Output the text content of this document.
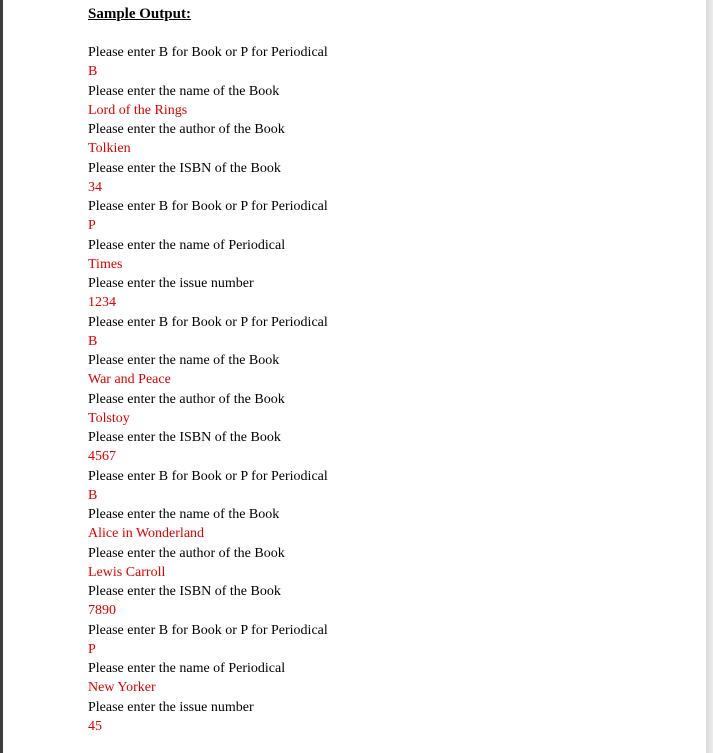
Sample Output:
Please enter B for Book or P for Periodical
B
Please enter the name of the Book
Lord of the Rings
Please enter the author of the Book
Tolkien
Please enter the ISBN of the Book
34
Please enter B for Book or P for Periodical
P
Please enter the name of Periodical
Times
Please enter the issue number
1234
Please enter B for Book or P for Periodical
B
Please enter the name of the Book
War and Peace
Please enter the author of the Book
Tolstoy
Please enter the ISBN of the Book
4567
Please enter B for Book or P for Periodical
B
Please enter the name of the Book
Alice in Wonderland
Please enter the author of the Book
Lewis Carroll
Please enter the ISBN of the Book
7890
Please enter B for Book or P for Periodical
P
Please enter the name of Periodical
New Yorker
Please enter the issue number
45
